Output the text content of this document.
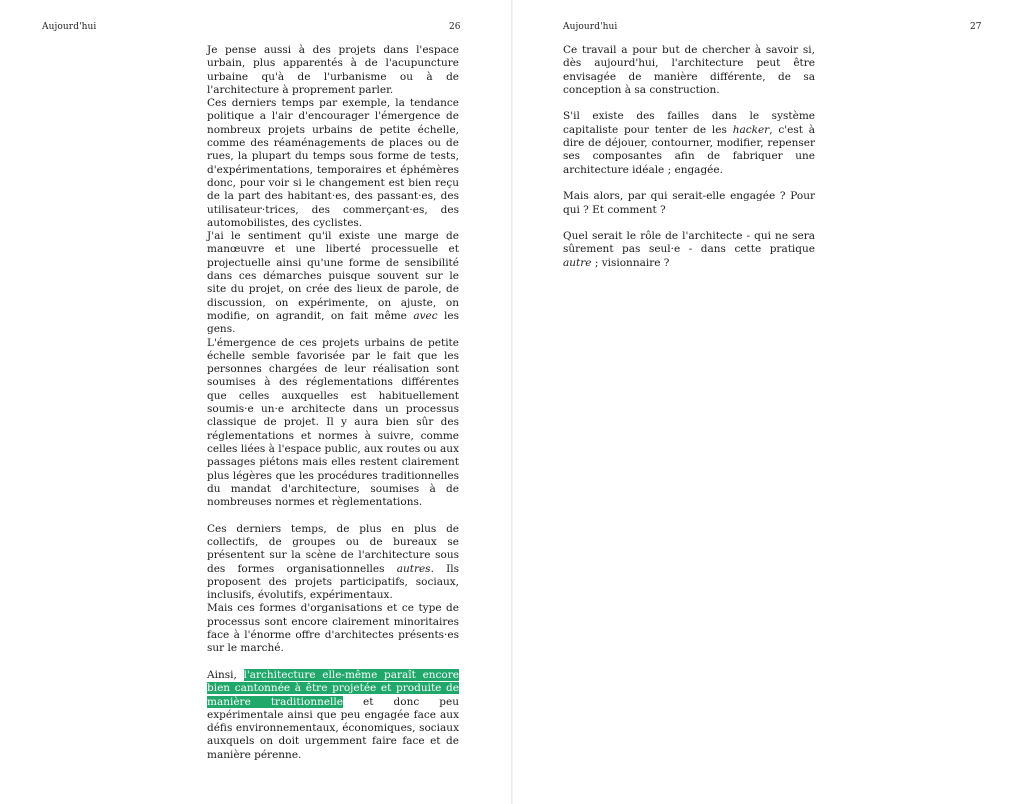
Aujourd'hui	26

Je pense aussi à des projets dans l'espace urbain, plus apparentés à de l'acupuncture urbaine qu'à de l'urbanisme ou à de l'architecture à proprement parler.

Ces derniers temps par exemple, la tendance politique a l'air d'encourager l'émergence de nombreux projets urbains de petite échelle, comme des réaménagements de places ou de rues, la plupart du temps sous forme de tests, d'expérimentations, temporaires et éphémères donc, pour voir si le changement est bien reçu de la part des habitant·es, des passant·es, des utilisateur·trices, des commerçant·es, des automobilistes, des cyclistes.

J'ai le sentiment qu'il existe une marge de manœuvre et une liberté processuelle et projectuelle ainsi qu'une forme de sensibilité dans ces démarches puisque souvent sur le site du projet, on crée des lieux de parole, de discussion, on expérimente, on ajuste, on modifie, on agrandit, on fait même avec les gens.

L'émergence de ces projets urbains de petite échelle semble favorisée par le fait que les personnes chargées de leur réalisation sont soumises à des réglementations différentes que celles auxquelles est habituellement soumis·e un·e architecte dans un processus classique de projet. Il y aura bien sûr des réglementations et normes à suivre, comme celles liées à l'espace public, aux routes ou aux passages piétons mais elles restent clairement plus légères que les procédures traditionnelles du mandat d'architecture, soumises à de nombreuses normes et règlementations.

Ces derniers temps, de plus en plus de collectifs, de groupes ou de bureaux se présentent sur la scène de l'architecture sous des formes organisationnelles autres. Ils proposent des projets participatifs, sociaux, inclusifs, évolutifs, expérimentaux.

Mais ces formes d'organisations et ce type de processus sont encore clairement minoritaires face à l'énorme offre d'architectes présents·es sur le marché.

Ainsi, l'architecture elle-même paraît encore bien cantonnée à être projetée et produite de manière traditionnelle et donc peu expérimentale ainsi que peu engagée face aux défis environnementaux, économiques, sociaux auxquels on doit urgemment faire face et de manière pérenne.

Aujourd'hui	27

Ce travail a pour but de chercher à savoir si, dès aujourd'hui, l'architecture peut être envisagée de manière différente, de sa conception à sa construction.

S'il existe des failles dans le système capitaliste pour tenter de les hacker, c'est à dire de déjouer, contourner, modifier, repenser ses composantes afin de fabriquer une architecture idéale ; engagée.

Mais alors, par qui serait-elle engagée ? Pour qui ? Et comment ?

Quel serait le rôle de l'architecte - qui ne sera sûrement pas seul·e - dans cette pratique autre ; visionnaire ?
